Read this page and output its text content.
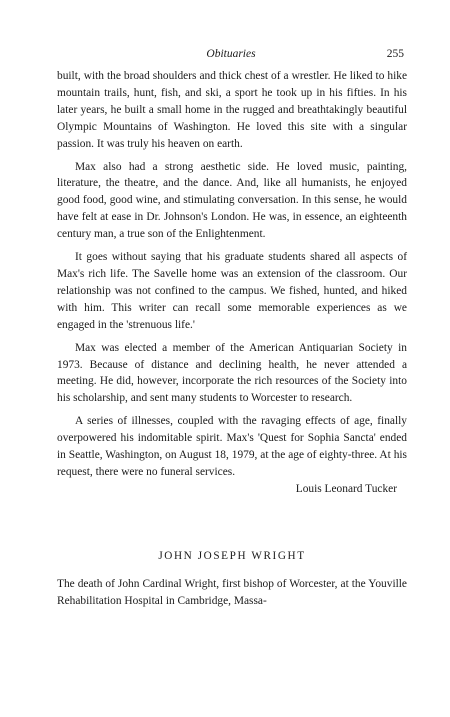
Obituaries	255

built, with the broad shoulders and thick chest of a wrestler. He liked to hike mountain trails, hunt, fish, and ski, a sport he took up in his fifties. In his later years, he built a small home in the rugged and breathtakingly beautiful Olympic Mountains of Washington. He loved this site with a singular passion. It was truly his heaven on earth.

Max also had a strong aesthetic side. He loved music, painting, literature, the theatre, and the dance. And, like all humanists, he enjoyed good food, good wine, and stimulating conversation. In this sense, he would have felt at ease in Dr. Johnson's London. He was, in essence, an eighteenth century man, a true son of the Enlightenment.

It goes without saying that his graduate students shared all aspects of Max's rich life. The Savelle home was an extension of the classroom. Our relationship was not confined to the campus. We fished, hunted, and hiked with him. This writer can recall some memorable experiences as we engaged in the 'strenuous life.'

Max was elected a member of the American Antiquarian Society in 1973. Because of distance and declining health, he never attended a meeting. He did, however, incorporate the rich resources of the Society into his scholarship, and sent many students to Worcester to research.

A series of illnesses, coupled with the ravaging effects of age, finally overpowered his indomitable spirit. Max's 'Quest for Sophia Sancta' ended in Seattle, Washington, on August 18, 1979, at the age of eighty-three. At his request, there were no funeral services.

Louis Leonard Tucker

JOHN JOSEPH WRIGHT

The death of John Cardinal Wright, first bishop of Worcester, at the Youville Rehabilitation Hospital in Cambridge, Massa-
